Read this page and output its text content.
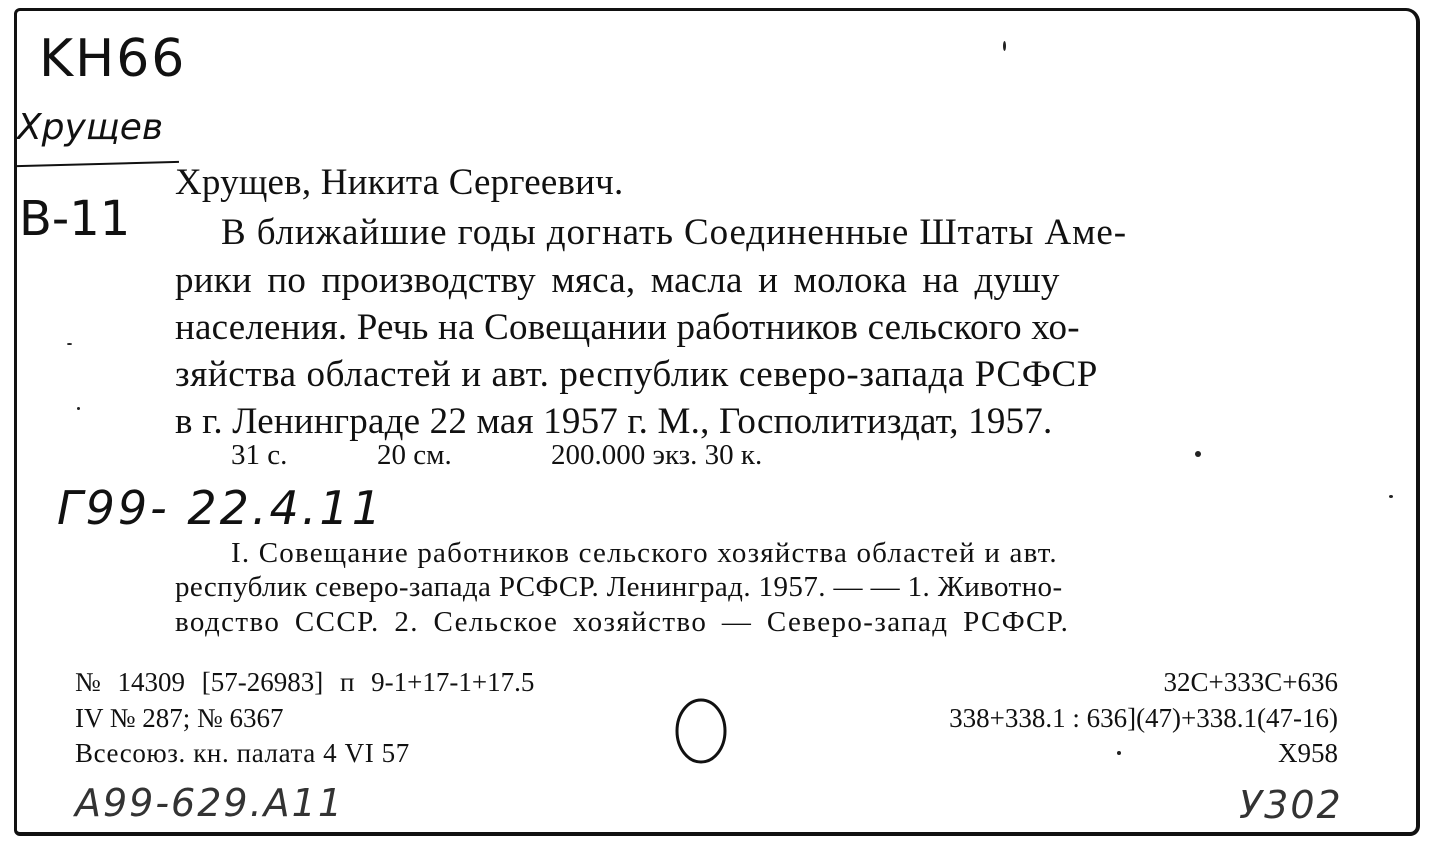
KH66
Хрущев
B-11
Хрущев, Никита Сергеевич.
В ближайшие годы догнать Соединенные Штаты Аме-
рики по производству мяса, масла и молока на душу
населения. Речь на Совещании работников сельского хо-
зяйства областей и авт. республик северо-запада РСФСР
в г. Ленинграде 22 мая 1957 г. М., Госполитиздат, 1957.
31 с.	20 см.	200.000 экз. 30 к.
Г99- 22.4.11
I. Совещание работников сельского хозяйства областей и авт.
республик северо-запада РСФСР. Ленинград. 1957. — — 1. Животно-
водство СССР. 2. Сельское хозяйство — Северо-запад РСФСР.
№ 14309 [57-26983] п 9-1+17-1+17.5
IV № 287; № 6367
Всесоюз. кн. палата 4 VI 57
32С+333С+636
338+338.1 : 636](47)+338.1(47-16)
Х958
А99-629.А11	У302
